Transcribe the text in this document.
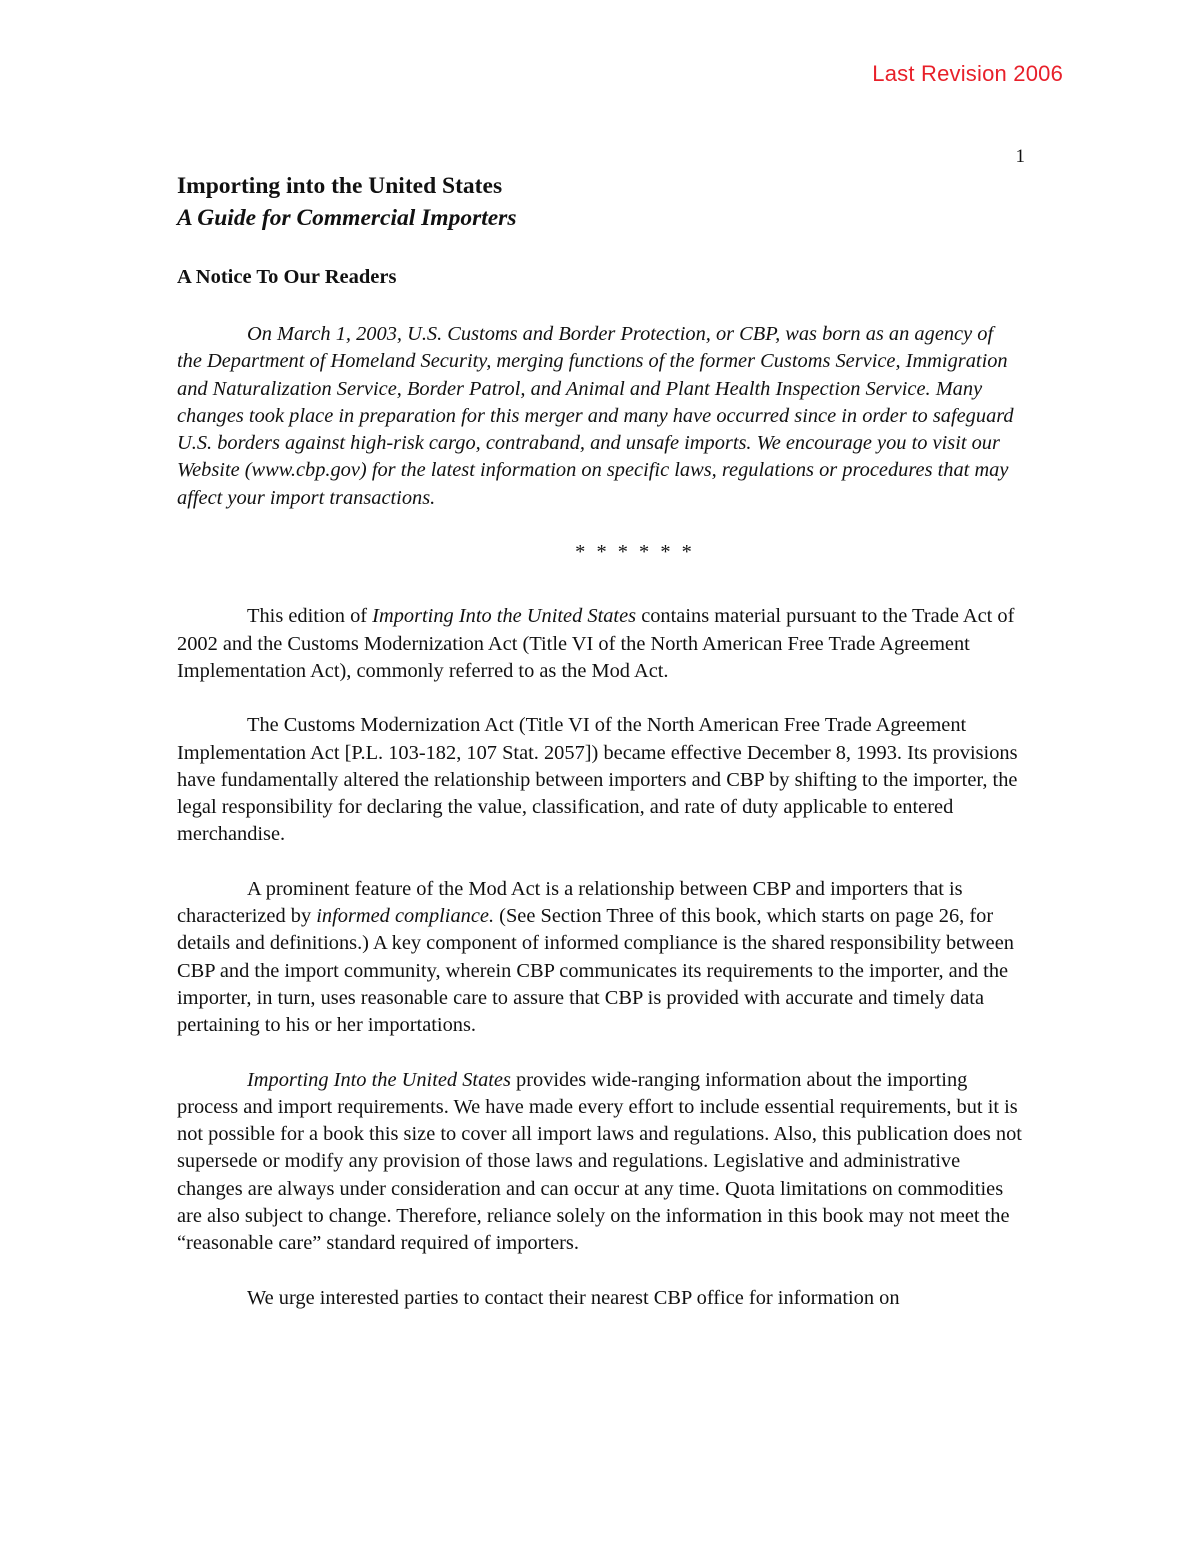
Last Revision 2006
1
Importing into the United States
A Guide for Commercial Importers
A Notice To Our Readers

On March 1, 2003, U.S. Customs and Border Protection, or CBP, was born as an agency of the Department of Homeland Security, merging functions of the former Customs Service, Immigration and Naturalization Service, Border Patrol, and Animal and Plant Health Inspection Service. Many changes took place in preparation for this merger and many have occurred since in order to safeguard U.S. borders against high-risk cargo, contraband, and unsafe imports. We encourage you to visit our Website (www.cbp.gov) for the latest information on specific laws, regulations or procedures that may affect your import transactions.

* * * * * *

This edition of Importing Into the United States contains material pursuant to the Trade Act of 2002 and the Customs Modernization Act (Title VI of the North American Free Trade Agreement Implementation Act), commonly referred to as the Mod Act.

The Customs Modernization Act (Title VI of the North American Free Trade Agreement Implementation Act [P.L. 103-182, 107 Stat. 2057]) became effective December 8, 1993. Its provisions have fundamentally altered the relationship between importers and CBP by shifting to the importer, the legal responsibility for declaring the value, classification, and rate of duty applicable to entered merchandise.

A prominent feature of the Mod Act is a relationship between CBP and importers that is characterized by informed compliance. (See Section Three of this book, which starts on page 26, for details and definitions.) A key component of informed compliance is the shared responsibility between CBP and the import community, wherein CBP communicates its requirements to the importer, and the importer, in turn, uses reasonable care to assure that CBP is provided with accurate and timely data pertaining to his or her importations.

Importing Into the United States provides wide-ranging information about the importing process and import requirements. We have made every effort to include essential requirements, but it is not possible for a book this size to cover all import laws and regulations. Also, this publication does not supersede or modify any provision of those laws and regulations. Legislative and administrative changes are always under consideration and can occur at any time. Quota limitations on commodities are also subject to change. Therefore, reliance solely on the information in this book may not meet the “reasonable care” standard required of importers.

We urge interested parties to contact their nearest CBP office for information on
